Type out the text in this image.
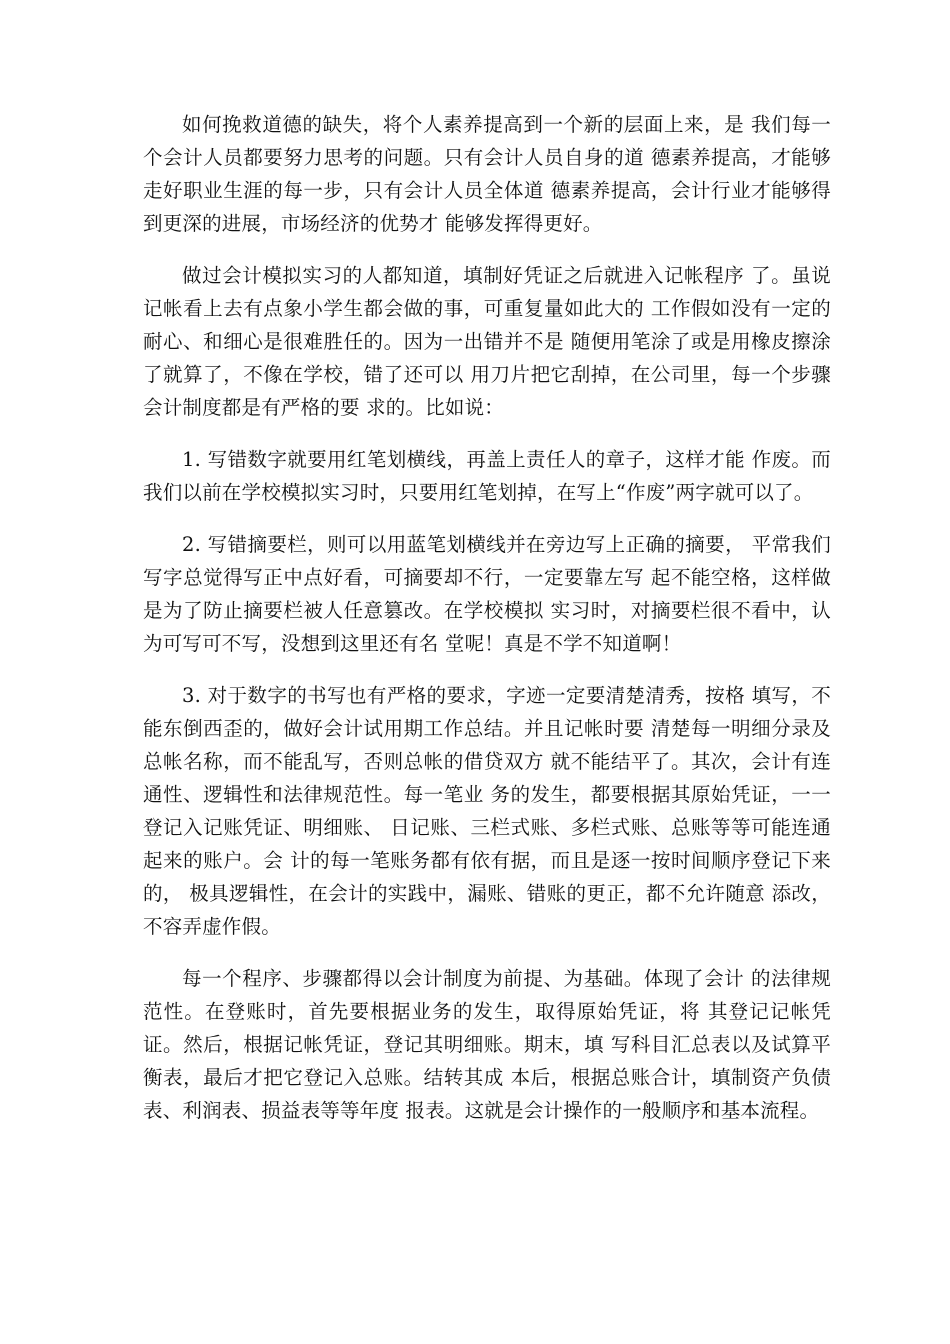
如何挽救道德的缺失，将个人素养提高到一个新的层面上来，是 我们每一个会计人员都要努力思考的问题。只有会计人员自身的道 德素养提高，才能够走好职业生涯的每一步，只有会计人员全体道 德素养提高，会计行业才能够得到更深的进展，市场经济的优势才 能够发挥得更好。

做过会计模拟实习的人都知道，填制好凭证之后就进入记帐程序 了。虽说记帐看上去有点象小学生都会做的事，可重复量如此大的 工作假如没有一定的耐心、和细心是很难胜任的。因为一出错并不是 随便用笔涂了或是用橡皮擦涂了就算了，不像在学校，错了还可以 用刀片把它刮掉，在公司里，每一个步骤会计制度都是有严格的要 求的。比如说：

1. 写错数字就要用红笔划横线，再盖上责任人的章子，这样才能 作废。而我们以前在学校模拟实习时，只要用红笔划掉，在写上“作废”两字就可以了。

2. 写错摘要栏，则可以用蓝笔划横线并在旁边写上正确的摘要， 平常我们写字总觉得写正中点好看，可摘要却不行，一定要靠左写 起不能空格，这样做是为了防止摘要栏被人任意篡改。在学校模拟 实习时，对摘要栏很不看中，认为可写可不写，没想到这里还有名 堂呢！真是不学不知道啊！

3. 对于数字的书写也有严格的要求，字迹一定要清楚清秀，按格 填写，不能东倒西歪的，做好会计试用期工作总结。并且记帐时要 清楚每一明细分录及总帐名称，而不能乱写，否则总帐的借贷双方 就不能结平了。其次，会计有连通性、逻辑性和法律规范性。每一笔业 务的发生，都要根据其原始凭证，一一登记入记账凭证、明细账、 日记账、三栏式账、多栏式账、总账等等可能连通起来的账户。会 计的每一笔账务都有依有据，而且是逐一按时间顺序登记下来的， 极具逻辑性，在会计的实践中，漏账、错账的更正，都不允许随意 添改，不容弄虚作假。

每一个程序、步骤都得以会计制度为前提、为基础。体现了会计 的法律规范性。在登账时，首先要根据业务的发生，取得原始凭证，将 其登记记帐凭证。然后，根据记帐凭证，登记其明细账。期末，填 写科目汇总表以及试算平衡表，最后才把它登记入总账。结转其成 本后，根据总账合计，填制资产负债表、利润表、损益表等等年度 报表。这就是会计操作的一般顺序和基本流程。
